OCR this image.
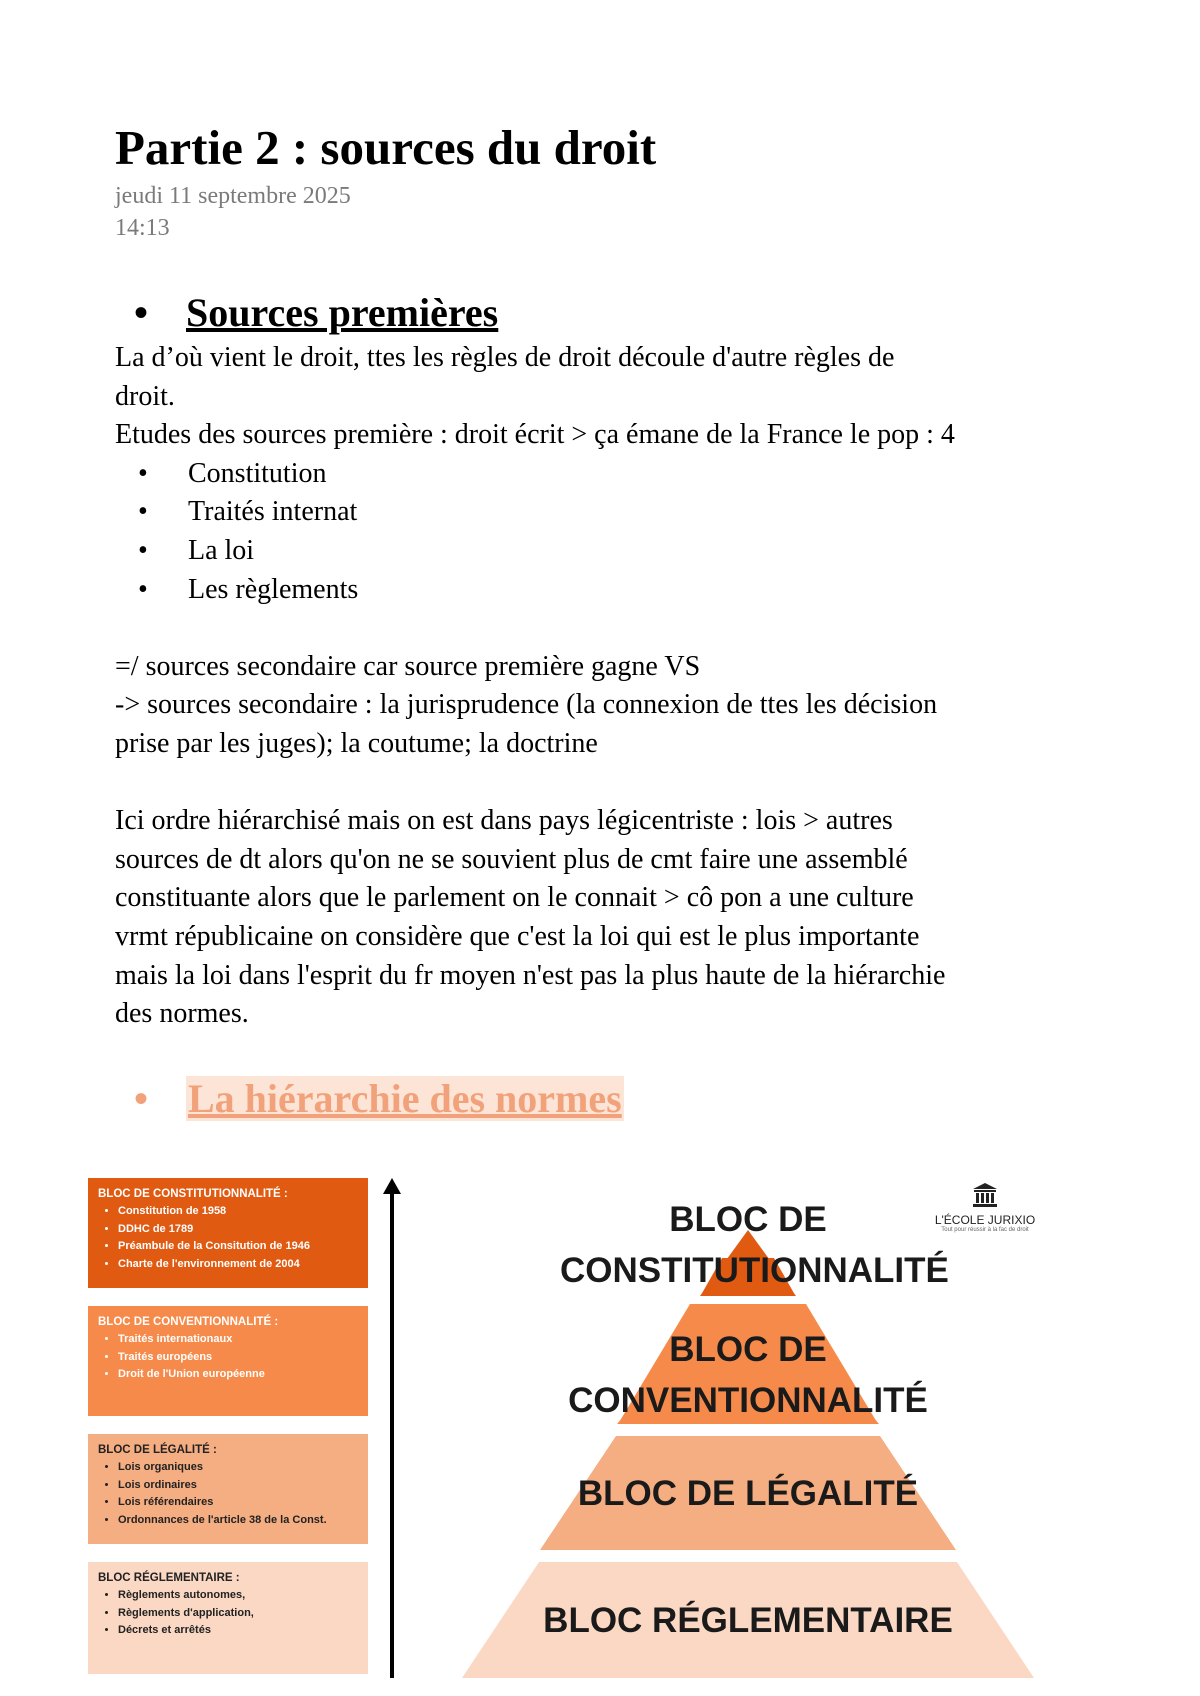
Partie 2 : sources du droit
jeudi 11 septembre 2025
14:13
• Sources premières

La d’où vient le droit, ttes les règles de droit découle d'autre règles de

droit.

Etudes des sources première : droit écrit > ça émane de la France le pop : 4

• Constitution
• Traités internat
• La loi
• Les règlements

=/ sources secondaire car source première gagne VS

-> sources secondaire : la jurisprudence (la connexion de ttes les décision

prise par les juges); la coutume; la doctrine

Ici ordre hiérarchisé mais on est dans pays légicentriste : lois > autres

sources de dt alors qu'on ne se souvient plus de cmt faire une assemblé

constituante alors que le parlement on le connait > cô pon a une culture

vrmt républicaine on considère que c'est la loi qui est le plus importante

mais la loi dans l'esprit du fr moyen n'est pas la plus haute de la hiérarchie

des normes.

• La hiérarchie des normes
BLOC DE CONSTITUTIONNALITÉ :
• Constitution de 1958
• DDHC de 1789
• Préambule de la Consitution de 1946
• Charte de l'environnement de 2004
BLOC DE CONVENTIONNALITÉ :
• Traités internationaux
• Traités européens
• Droit de l'Union européenne
BLOC DE LÉGALITÉ :
• Lois organiques
• Lois ordinaires
• Lois référendaires
• Ordonnances de l'article 38 de la Const.
BLOC RÉGLEMENTAIRE :
• Règlements autonomes,
• Règlements d'application,
• Décrets et arrêtés
BLOC DE
CONSTITUTIONNALITÉ
BLOC DE
CONVENTIONNALITÉ
BLOC DE LÉGALITÉ
BLOC RÉGLEMENTAIRE
L'ÉCOLE JURIXIO
Tout pour réussir à la fac de droit
